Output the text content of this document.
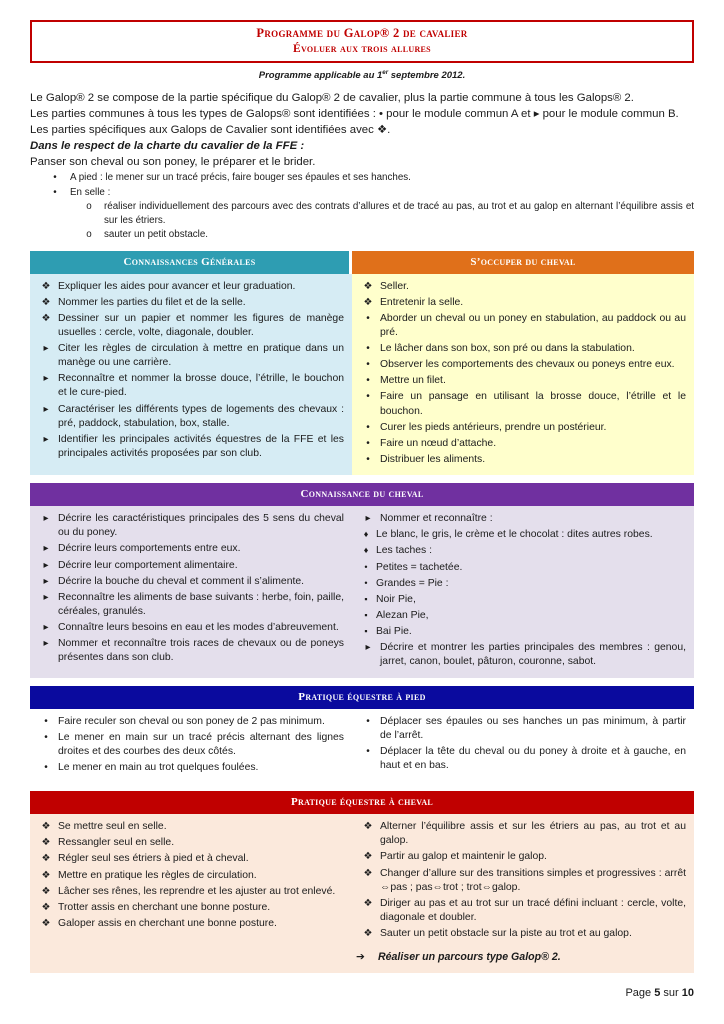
Programme du Galop® 2 de cavalier
Évoluer aux trois allures
Programme applicable au 1er septembre 2012.

Le Galop® 2 se compose de la partie spécifique du Galop® 2 de cavalier, plus la partie commune à tous les Galops® 2.

Les parties communes à tous les types de Galops® sont identifiées : • pour le module commun A et ▸ pour le module commun B.

Les parties spécifiques aux Galops de Cavalier sont identifiées avec ❖.

Dans le respect de la charte du cavalier de la FFE :

Panser son cheval ou son poney, le préparer et le brider.

•	A pied : le mener sur un tracé précis, faire bouger ses épaules et ses hanches.
•	En selle :
o	réaliser individuellement des parcours avec des contrats d’allures et de tracé au pas, au trot et au galop en alternant l’équilibre assis et sur les étriers.
o	sauter un petit obstacle.
Connaissances Générales	S’occuper du cheval
❖ Expliquer les aides pour avancer et leur graduation.
❖ Nommer les parties du filet et de la selle.
❖ Dessiner sur un papier et nommer les figures de manège usuelles : cercle, volte, diagonale, doubler.
▸ Citer les règles de circulation à mettre en pratique dans un manège ou une carrière.
▸ Reconnaître et nommer la brosse douce, l’étrille, le bouchon et le cure-pied.
▸ Caractériser les différents types de logements des chevaux : pré, paddock, stabulation, box, stalle.
▸ Identifier les principales activités équestres de la FFE et les principales activités proposées par son club.
❖ Seller.
❖ Entretenir la selle.
• Aborder un cheval ou un poney en stabulation, au paddock ou au pré.
• Le lâcher dans son box, son pré ou dans la stabulation.
• Observer les comportements des chevaux ou poneys entre eux.
• Mettre un filet.
• Faire un pansage en utilisant la brosse douce, l’étrille et le bouchon.
• Curer les pieds antérieurs, prendre un postérieur.
• Faire un nœud d’attache.
• Distribuer les aliments.
Connaissance du cheval
▸ Décrire les caractéristiques principales des 5 sens du cheval ou du poney.
▸ Décrire leurs comportements entre eux.
▸ Décrire leur comportement alimentaire.
▸ Décrire la bouche du cheval et comment il s’alimente.
▸ Reconnaître les aliments de base suivants : herbe, foin, paille, céréales, granulés.
▸ Connaître leurs besoins en eau et les modes d’abreuvement.
▸ Nommer et reconnaître trois races de chevaux ou de poneys présentes dans son club.
▸ Nommer et reconnaître :
♦ Le blanc, le gris, le crème et le chocolat : dites autres robes.
♦ Les taches :
• Petites = tachetée.
• Grandes = Pie :
▪ Noir Pie,
▪ Alezan Pie,
▪ Bai Pie.
▸ Décrire et montrer les parties principales des membres : genou, jarret, canon, boulet, pâturon, couronne, sabot.
Pratique équestre à pied
• Faire reculer son cheval ou son poney de 2 pas minimum.
• Le mener en main sur un tracé précis alternant des lignes droites et des courbes des deux côtés.
• Le mener en main au trot quelques foulées.
• Déplacer ses épaules ou ses hanches un pas minimum, à partir de l’arrêt.
• Déplacer la tête du cheval ou du poney à droite et à gauche, en haut et en bas.
Pratique équestre à cheval
❖ Se mettre seul en selle.
❖ Ressangler seul en selle.
❖ Régler seul ses étriers à pied et à cheval.
❖ Mettre en pratique les règles de circulation.
❖ Lâcher ses rênes, les reprendre et les ajuster au trot enlevé.
❖ Trotter assis en cherchant une bonne posture.
❖ Galoper assis en cherchant une bonne posture.
❖ Alterner l’équilibre assis et sur les étriers au pas, au trot et au galop.
❖ Partir au galop et maintenir le galop.
❖ Changer d’allure sur des transitions simples et progressives : arrêt ⇔pas ; pas⇔trot ; trot⇔galop.
❖ Diriger au pas et au trot sur un tracé défini incluant : cercle, volte, diagonale et doubler.
❖ Sauter un petit obstacle sur la piste au trot et au galop.
➔	Réaliser un parcours type Galop® 2.
Page 5 sur 10
